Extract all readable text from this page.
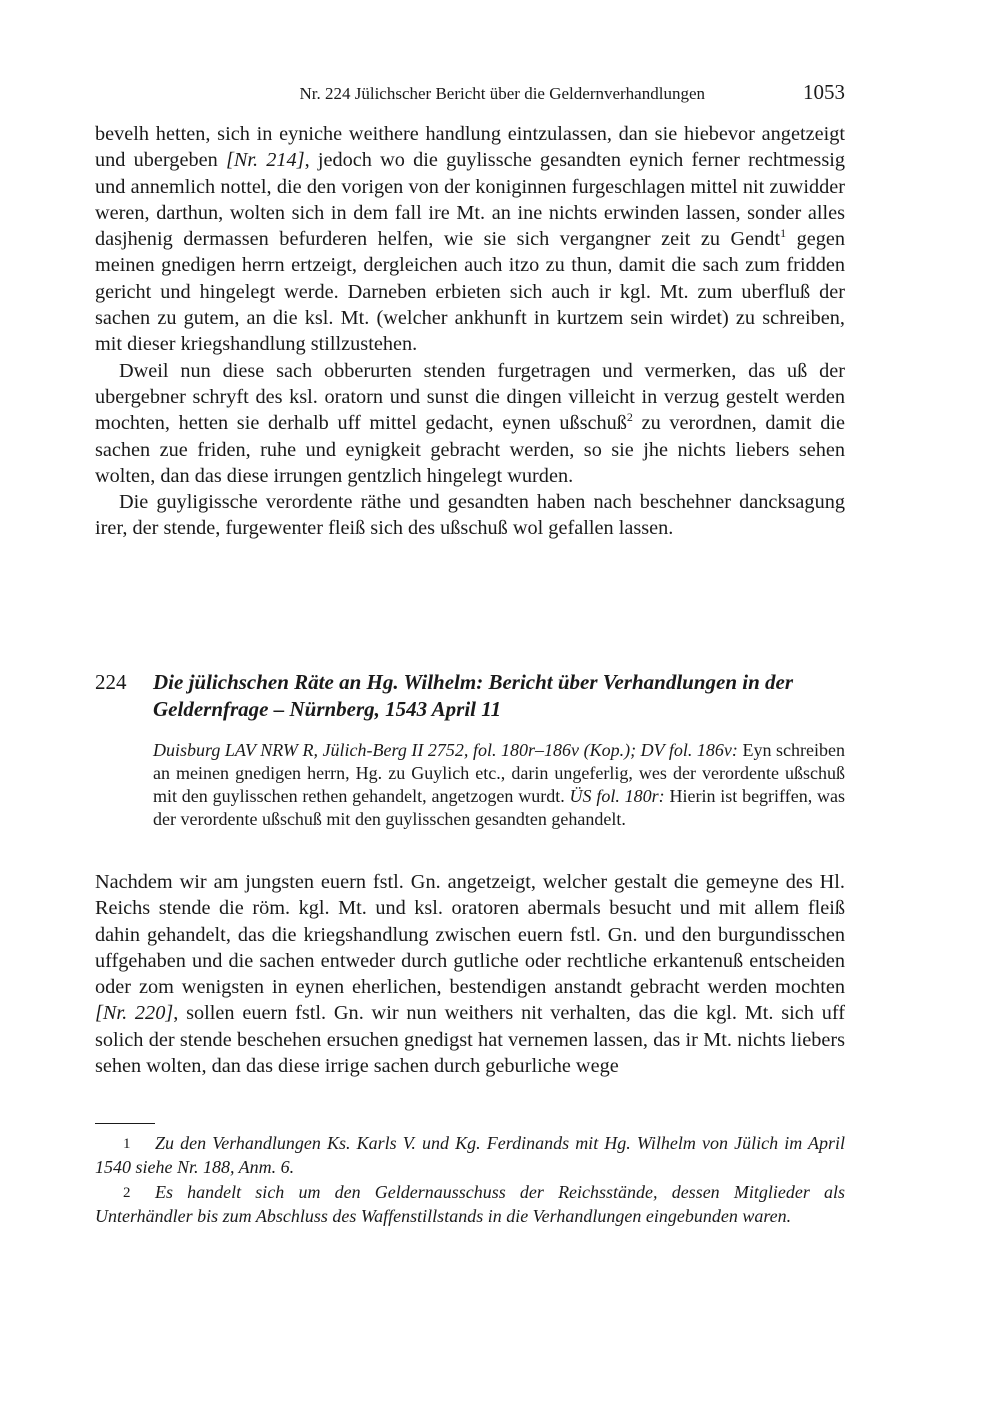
Nr. 224 Jülichscher Bericht über die Geldernverhandlungen	1053

bevelh hetten, sich in eyniche weithere handlung eintzulassen, dan sie hiebevor angetzeigt und ubergeben [Nr. 214], jedoch wo die guylissche gesandten eynich ferner rechtmessig und annemlich nottel, die den vorigen von der koniginnen furgeschlagen mittel nit zuwidder weren, darthun, wolten sich in dem fall ire Mt. an ine nichts erwinden lassen, sonder alles dasjhenig dermassen befurderen helfen, wie sie sich vergangner zeit zu Gendt$^1$ gegen meinen gnedigen herrn ertzeigt, dergleichen auch itzo zu thun, damit die sach zum fridden gericht und hingelegt werde. Darneben erbieten sich auch ir kgl. Mt. zum uberfluß der sachen zu gutem, an die ksl. Mt. (welcher ankhunft in kurtzem sein wirdet) zu schreiben, mit dieser kriegshandlung stillzustehen.

Dweil nun diese sach obberurten stenden furgetragen und vermerken, das uß der ubergebner schryft des ksl. oratorn und sunst die dingen villeicht in verzug gestelt werden mochten, hetten sie derhalb uff mittel gedacht, eynen ußschuß$^2$ zu verordnen, damit die sachen zue friden, ruhe und eynigkeit gebracht werden, so sie jhe nichts liebers sehen wolten, dan das diese irrungen gentzlich hingelegt wurden.

Die guyligissche verordente räthe und gesandten haben nach beschehner dancksagung irer, der stende, furgewenter fleiß sich des ußschuß wol gefallen lassen.

224 Die jülichschen Räte an Hg. Wilhelm: Bericht über Verhandlungen in der Geldernfrage – Nürnberg, 1543 April 11
Duisburg LAV NRW R, Jülich-Berg II 2752, fol. 180r–186v (Kop.); DV fol. 186v: Eyn schreiben an meinen gnedigen herrn, Hg. zu Guylich etc., darin ungeferlig, wes der verordente ußschuß mit den guylisschen rethen gehandelt, angetzogen wurdt. ÜS fol. 180r: Hierin ist begriffen, was der verordente ußschuß mit den guylisschen gesandten gehandelt.

Nachdem wir am jungsten euern fstl. Gn. angetzeigt, welcher gestalt die gemeyne des Hl. Reichs stende die röm. kgl. Mt. und ksl. oratoren abermals besucht und mit allem fleiß dahin gehandelt, das die kriegshandlung zwischen euern fstl. Gn. und den burgundisschen uffgehaben und die sachen entweder durch gutliche oder rechtliche erkantenuß entscheiden oder zom wenigsten in eynen eherlichen, bestendigen anstandt gebracht werden mochten [Nr. 220], sollen euern fstl. Gn. wir nun weithers nit verhalten, das die kgl. Mt. sich uff solich der stende beschehen ersuchen gnedigst hat vernemen lassen, das ir Mt. nichts liebers sehen wolten, dan das diese irrige sachen durch geburliche wege

1 Zu den Verhandlungen Ks. Karls V. und Kg. Ferdinands mit Hg. Wilhelm von Jülich im April 1540 siehe Nr. 188, Anm. 6.

2 Es handelt sich um den Geldernausschuss der Reichsstände, dessen Mitglieder als Unterhändler bis zum Abschluss des Waffenstillstands in die Verhandlungen eingebunden waren.
